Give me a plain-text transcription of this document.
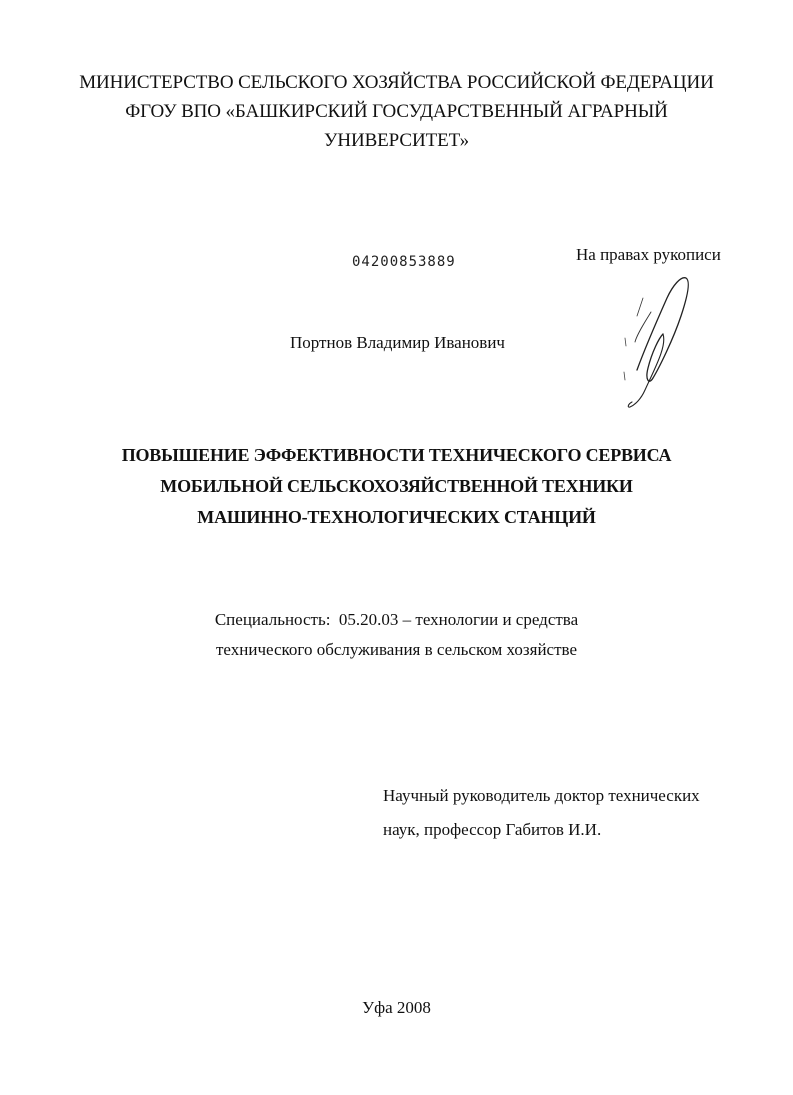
МИНИСТЕРСТВО СЕЛЬСКОГО ХОЗЯЙСТВА РОССИЙСКОЙ ФЕДЕРАЦИИ
ФГОУ ВПО «БАШКИРСКИЙ ГОСУДАРСТВЕННЫЙ АГРАРНЫЙ
УНИВЕРСИТЕТ»
04200853889	На правах рукописи
Портнов Владимир Иванович
ПОВЫШЕНИЕ ЭФФЕКТИВНОСТИ ТЕХНИЧЕСКОГО СЕРВИСА
МОБИЛЬНОЙ СЕЛЬСКОХОЗЯЙСТВЕННОЙ ТЕХНИКИ
МАШИННО-ТЕХНОЛОГИЧЕСКИХ СТАНЦИЙ
Специальность:  05.20.03 – технологии и средства
технического обслуживания в сельском хозяйстве
Научный руководитель доктор технических
наук, профессор Габитов И.И.
Уфа 2008
